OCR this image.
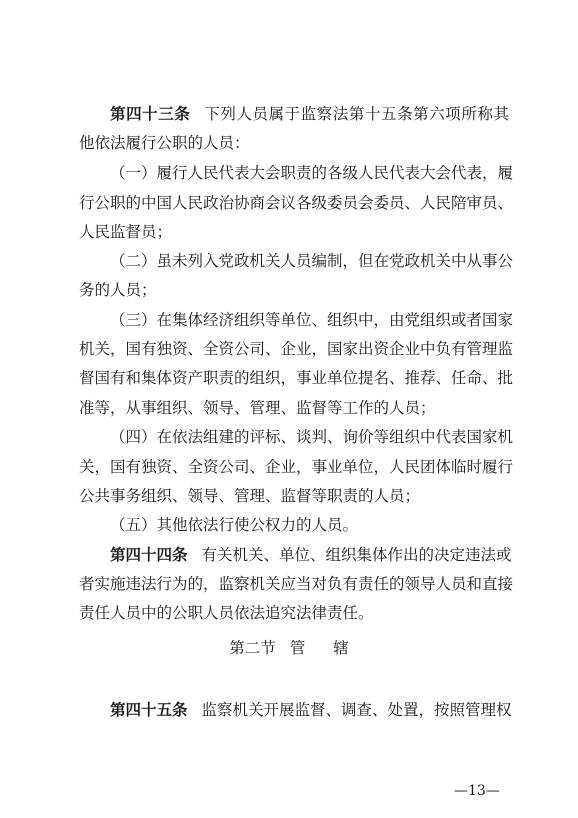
第四十三条 下列人员属于监察法第十五条第六项所称其
他依法履行公职的人员：
（一）履行人民代表大会职责的各级人民代表大会代表，履
行公职的中国人民政治协商会议各级委员会委员、人民陪审员、
人民监督员；
（二）虽未列入党政机关人员编制，但在党政机关中从事公
务的人员；
（三）在集体经济组织等单位、组织中，由党组织或者国家
机关，国有独资、全资公司、企业，国家出资企业中负有管理监
督国有和集体资产职责的组织，事业单位提名、推荐、任命、批
准等，从事组织、领导、管理、监督等工作的人员；
（四）在依法组建的评标、谈判、询价等组织中代表国家机
关，国有独资、全资公司、企业，事业单位，人民团体临时履行
公共事务组织、领导、管理、监督等职责的人员；
（五）其他依法行使公权力的人员。
第四十四条 有关机关、单位、组织集体作出的决定违法或
者实施违法行为的，监察机关应当对负有责任的领导人员和直接
责任人员中的公职人员依法追究法律责任。
第二节 管 辖
第四十五条 监察机关开展监督、调查、处置，按照管理权
—13—
